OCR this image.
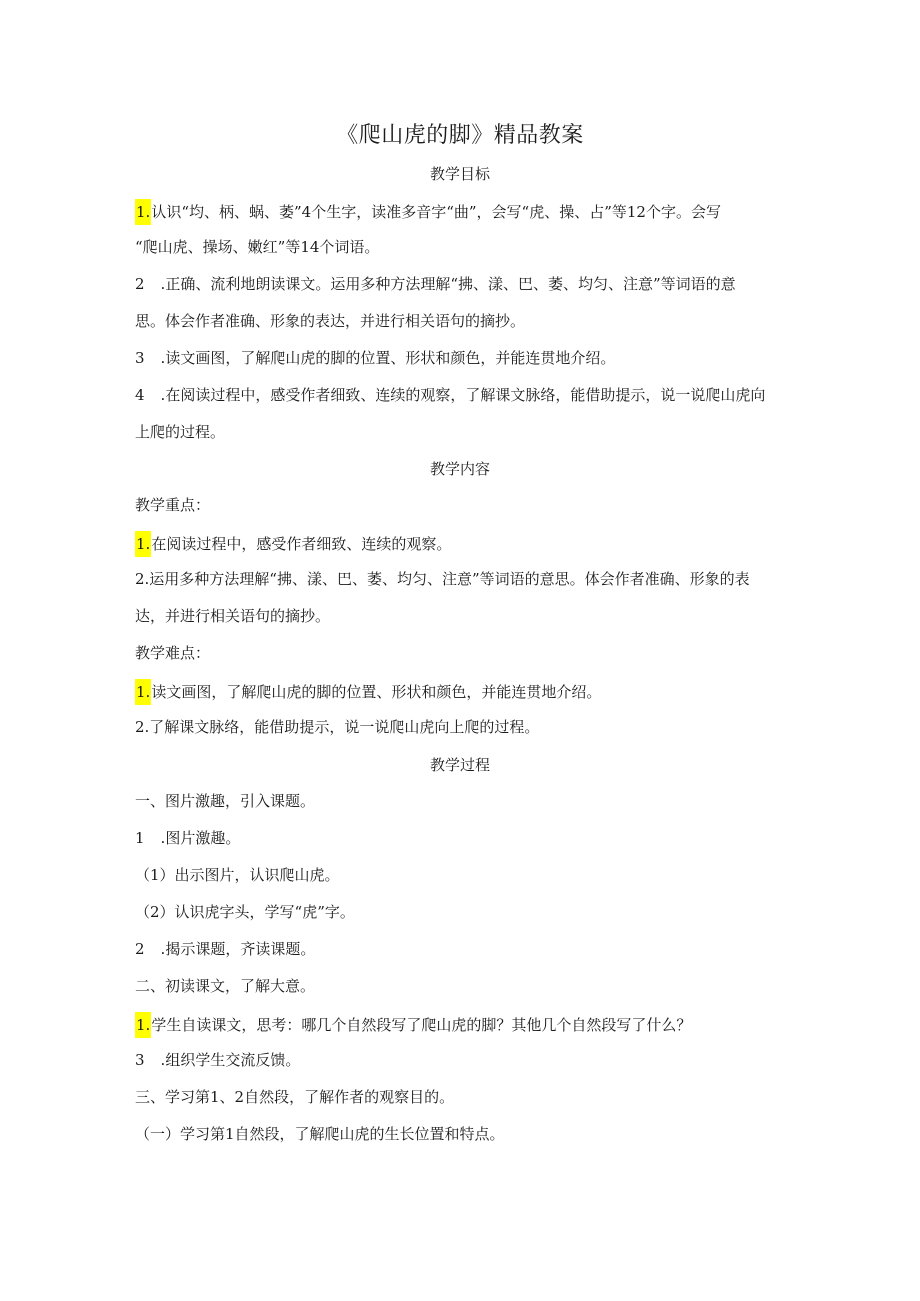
《爬山虎的脚》精品教案
教学目标
1.认识“均、柄、蜗、萎”4个生字，读准多音字“曲”，会写“虎、操、占”等12个字。会写
“爬山虎、操场、嫩红”等14个词语。
2 .正确、流利地朗读课文。运用多种方法理解“拂、漾、巴、萎、均匀、注意”等词语的意
思。体会作者准确、形象的表达，并进行相关语句的摘抄。
3 .读文画图，了解爬山虎的脚的位置、形状和颜色，并能连贯地介绍。
4 .在阅读过程中，感受作者细致、连续的观察，了解课文脉络，能借助提示，说一说爬山虎向
上爬的过程。
教学内容
教学重点：
1.在阅读过程中，感受作者细致、连续的观察。
2.运用多种方法理解“拂、漾、巴、萎、均匀、注意”等词语的意思。体会作者准确、形象的表
达，并进行相关语句的摘抄。
教学难点：
1.读文画图，了解爬山虎的脚的位置、形状和颜色，并能连贯地介绍。
2.了解课文脉络，能借助提示，说一说爬山虎向上爬的过程。
教学过程
一、图片激趣，引入课题。
1 .图片激趣。
（1）出示图片，认识爬山虎。
（2）认识虎字头，学写“虎”字。
2 .揭示课题，齐读课题。
二、初读课文，了解大意。
1.学生自读课文，思考：哪几个自然段写了爬山虎的脚？其他几个自然段写了什么？
3 .组织学生交流反馈。
三、学习第1、2自然段，了解作者的观察目的。
（一）学习第1自然段，了解爬山虎的生长位置和特点。
